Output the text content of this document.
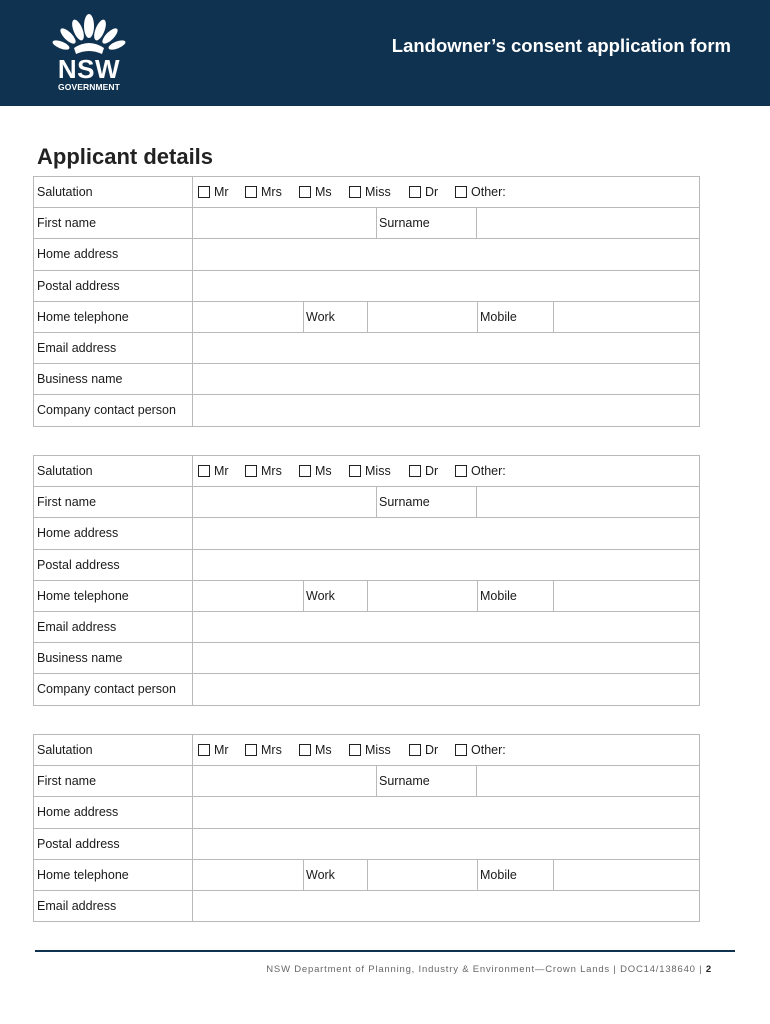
NSW
GOVERNMENT
Landowner’s consent application form
Applicant details
Salutation	Mr	Mrs	Ms	Miss	Dr	Other:
First name	Surname
Home address
Postal address
Home telephone	Work	Mobile
Email address
Business name
Company contact person
Salutation	Mr	Mrs	Ms	Miss	Dr	Other:
First name	Surname
Home address
Postal address
Home telephone	Work	Mobile
Email address
Business name
Company contact person
Salutation	Mr	Mrs	Ms	Miss	Dr	Other:
First name	Surname
Home address
Postal address
Home telephone	Work	Mobile
Email address
NSW Department of Planning, Industry & Environment—Crown Lands | DOC14/138640 | 2
